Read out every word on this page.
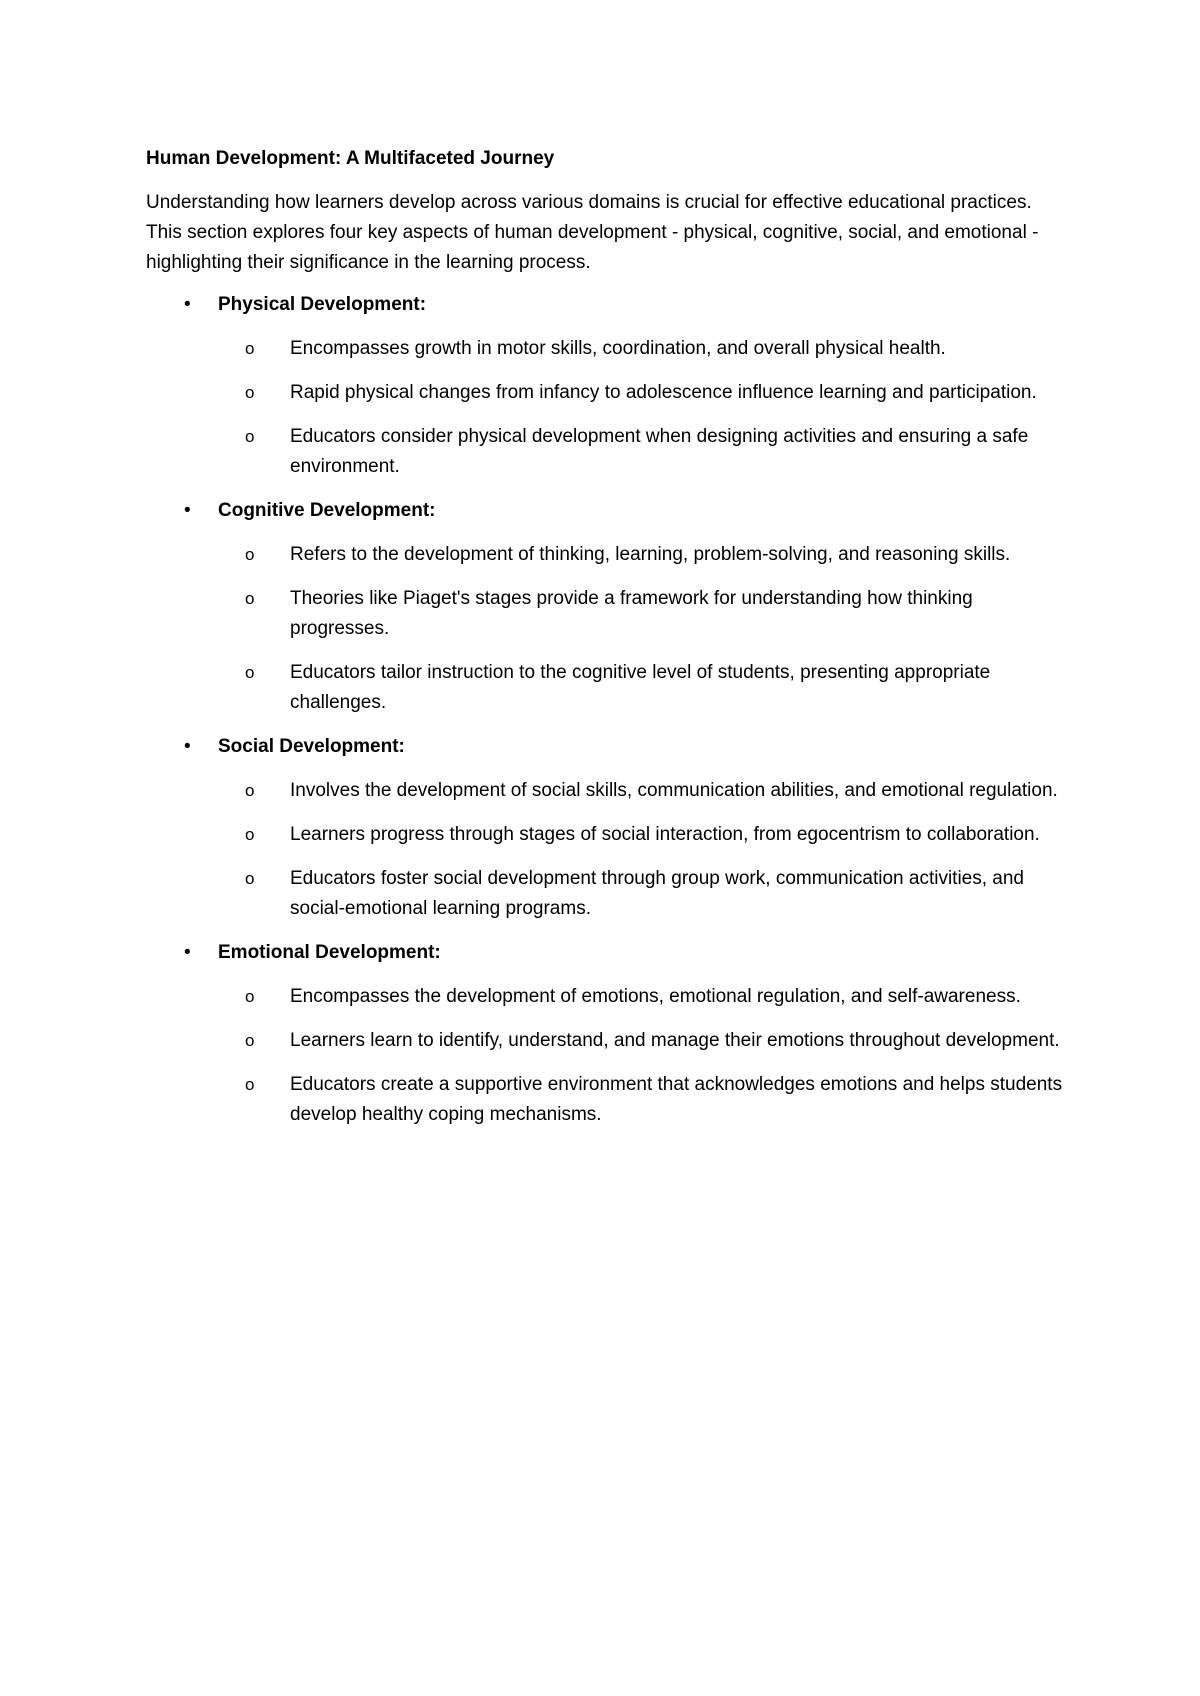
Human Development: A Multifaceted Journey
Understanding how learners develop across various domains is crucial for effective educational practices. This section explores four key aspects of human development - physical, cognitive, social, and emotional - highlighting their significance in the learning process.
• Physical Development:
o Encompasses growth in motor skills, coordination, and overall physical health.
o Rapid physical changes from infancy to adolescence influence learning and participation.
o Educators consider physical development when designing activities and ensuring a safe environment.
• Cognitive Development:
o Refers to the development of thinking, learning, problem-solving, and reasoning skills.
o Theories like Piaget's stages provide a framework for understanding how thinking progresses.
o Educators tailor instruction to the cognitive level of students, presenting appropriate challenges.
• Social Development:
o Involves the development of social skills, communication abilities, and emotional regulation.
o Learners progress through stages of social interaction, from egocentrism to collaboration.
o Educators foster social development through group work, communication activities, and social-emotional learning programs.
• Emotional Development:
o Encompasses the development of emotions, emotional regulation, and self-awareness.
o Learners learn to identify, understand, and manage their emotions throughout development.
o Educators create a supportive environment that acknowledges emotions and helps students develop healthy coping mechanisms.
